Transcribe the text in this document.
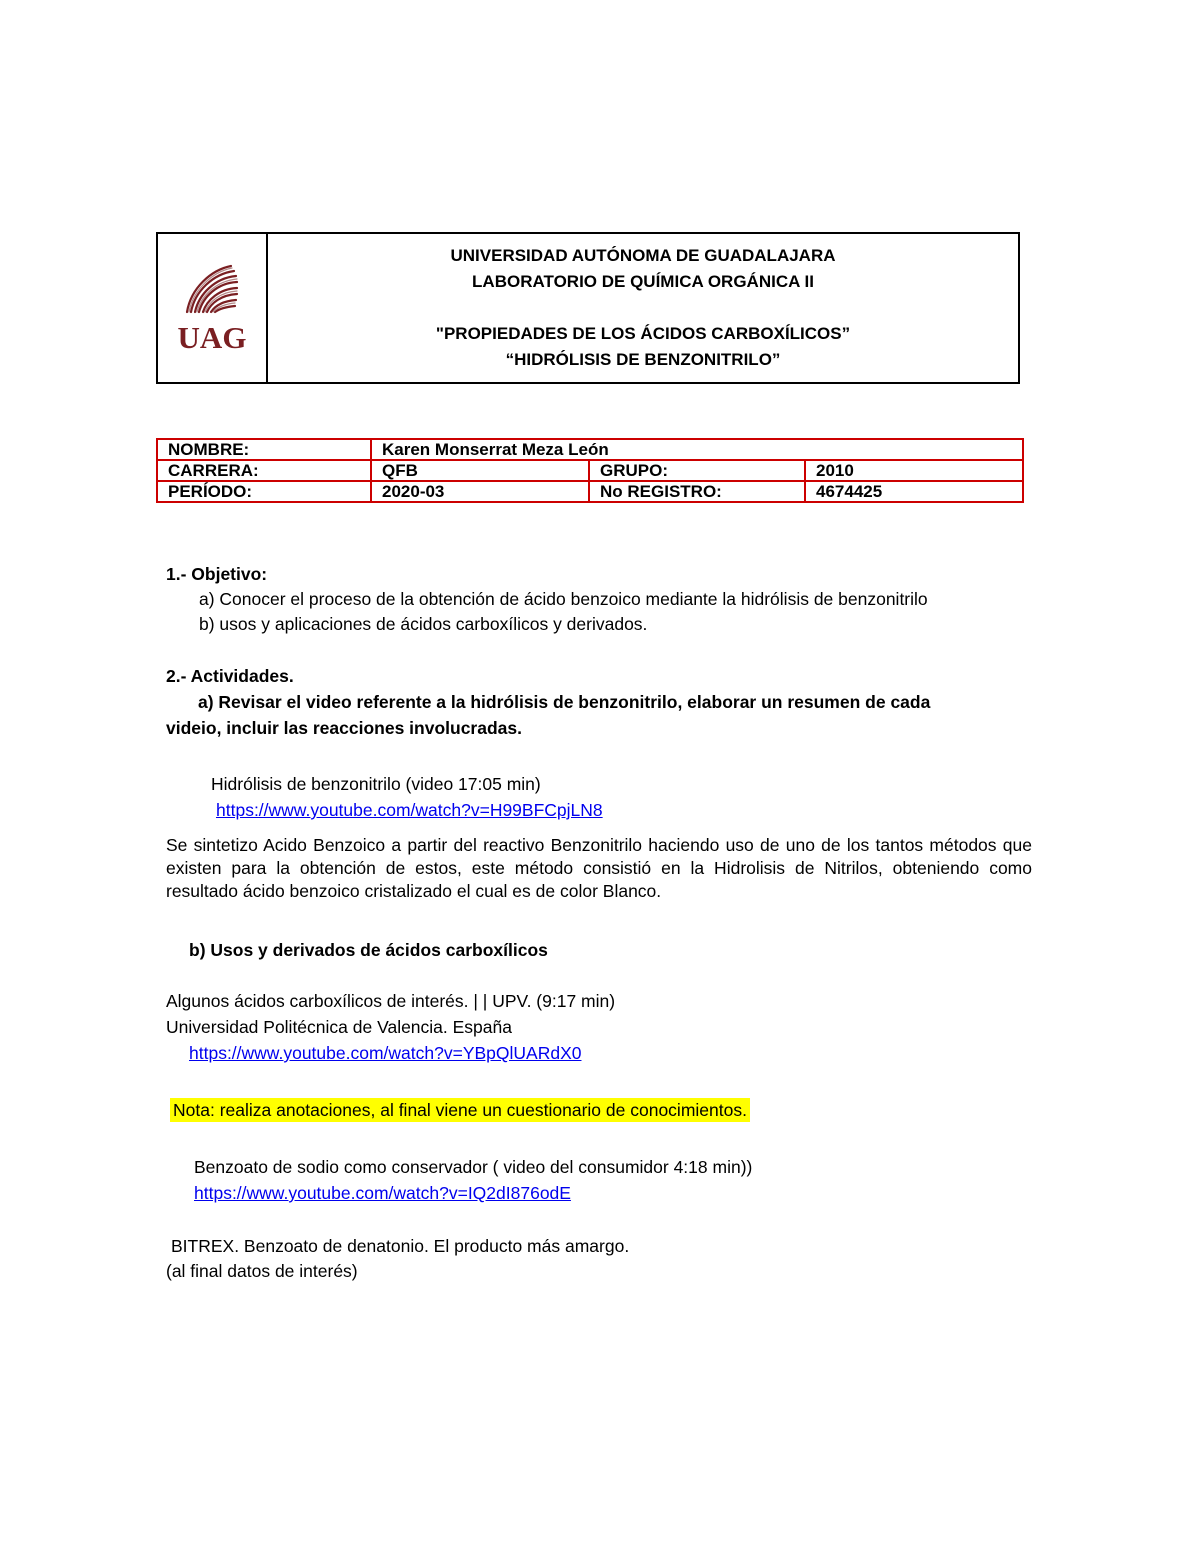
UAG
UNIVERSIDAD AUTÓNOMA DE GUADALAJARA
LABORATORIO DE QUÍMICA ORGÁNICA II
"PROPIEDADES DE LOS ÁCIDOS CARBOXÍLICOS”
“HIDRÓLISIS DE BENZONITRILO”
NOMBRE:	Karen Monserrat Meza León		
CARRERA:	QFB	GRUPO:	2010
PERÍODO:	2020-03	No REGISTRO:	4674425
1.- Objetivo:
a) Conocer el proceso de la obtención de ácido benzoico mediante la hidrólisis de benzonitrilo
b) usos y aplicaciones de ácidos carboxílicos y derivados.
2.- Actividades.
a) Revisar el video referente a la hidrólisis de benzonitrilo, elaborar un resumen de cada
videio, incluir las reacciones involucradas.
Hidrólisis de benzonitrilo (video 17:05 min)
https://www.youtube.com/watch?v=H99BFCpjLN8
Se sintetizo Acido Benzoico a partir del reactivo Benzonitrilo haciendo uso de uno de los tantos métodos que existen para la obtención de estos, este método consistió en la Hidrolisis de Nitrilos, obteniendo como resultado ácido benzoico cristalizado el cual es de color Blanco.
b) Usos y derivados de ácidos carboxílicos
Algunos ácidos carboxílicos de interés. | | UPV. (9:17 min)
Universidad Politécnica de Valencia. España
https://www.youtube.com/watch?v=YBpQlUARdX0
Nota: realiza anotaciones, al final viene un cuestionario de conocimientos.
Benzoato de sodio como conservador ( video del consumidor 4:18 min))
https://www.youtube.com/watch?v=IQ2dI876odE
BITREX. Benzoato de denatonio. El producto más amargo.
(al final datos de interés)
